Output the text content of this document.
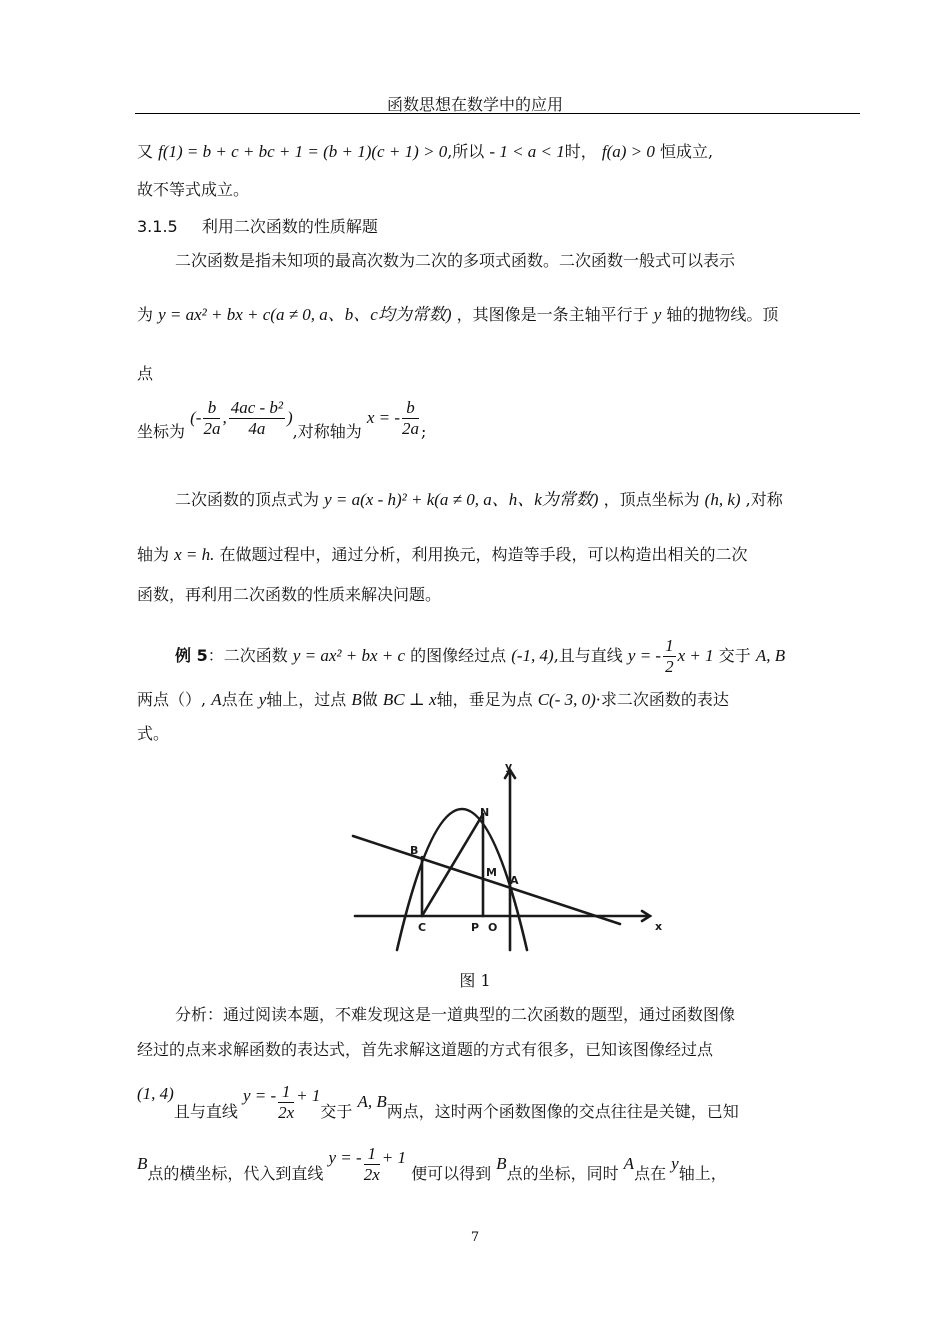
函数思想在数学中的应用
又 f(1) = b + c + bc + 1 = (b + 1)(c + 1) > 0,所以 - 1 < a < 1时， f(a) > 0 恒成立,
故不等式成立。
3.1.5 利用二次函数的性质解题
二次函数是指未知项的最高次数为二次的多项式函数。二次函数一般式可以表示
为 y = ax² + bx + c(a ≠ 0, a、b、c均为常数) ，其图像是一条主轴平行于 y 轴的抛物线。顶
点
坐标为 (- $\frac{b}{2a}$ , $\frac{\text{4ac - b²}}{4a}$ ),对称轴为 x = - $\frac{b}{2a}$ ;
二次函数的顶点式为 y = a(x - h)² + k(a ≠ 0, a、h、k为常数) ，顶点坐标为 (h, k) ,对称
轴为 x = h. 在做题过程中，通过分析，利用换元，构造等手段，可以构造出相关的二次
函数，再利用二次函数的性质来解决问题。
例 5：二次函数 y = ax² + bx + c 的图像经过点 (-1, 4),且与直线 y = - $\frac{1}{2}$ x + 1 交于 A, B
两点（）, A点在 y轴上，过点 B做 BC ⊥ x轴，垂足为点 C(- 3, 0)·求二次函数的表达
式。
y
x
N
B
M
A
C	P O
图 1
分析：通过阅读本题，不难发现这是一道典型的二次函数的题型，通过函数图像
经过的点来求解函数的表达式，首先求解这道题的方式有很多，已知该图像经过点
(1, 4)且与直线 y = - $\frac{1}{2x} + 1$交于 A, B两点，这时两个函数图像的交点往往是关键，已知
B点的横坐标，代入到直线 y = - $\frac{1}{2x} + 1$ 便可以得到 B点的坐标，同时 A点在 y轴上，
7
